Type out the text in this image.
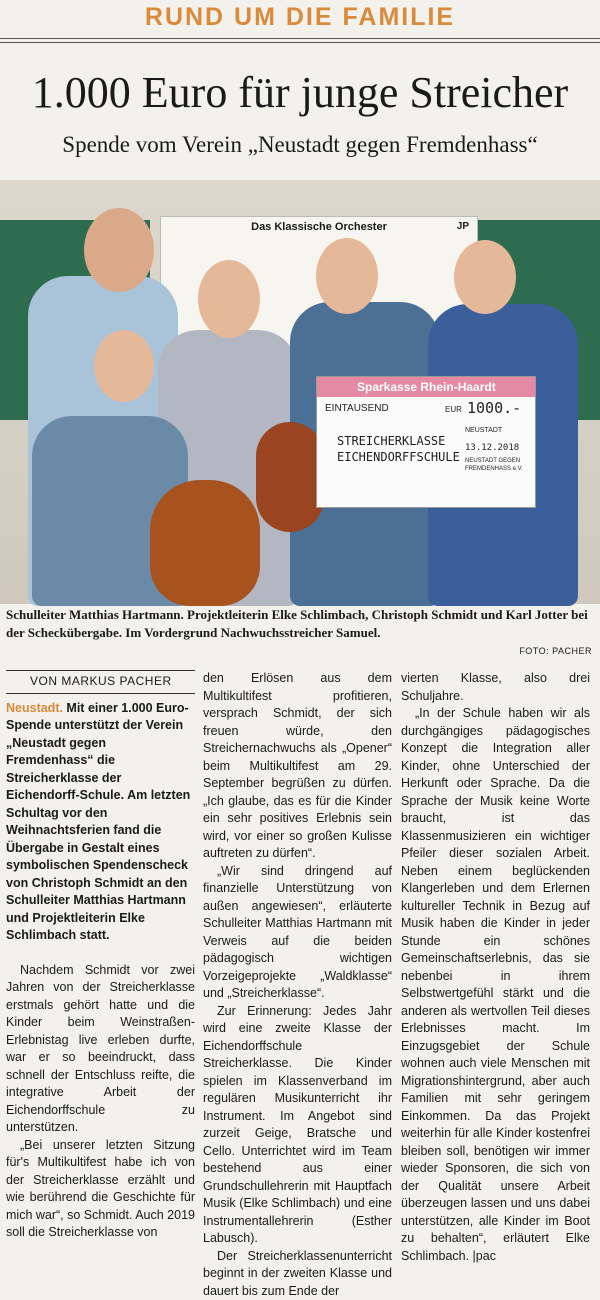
RUND UM DIE FAMILIE
1.000 Euro für junge Streicher
Spende vom Verein „Neustadt gegen Fremdenhass“
Das Klassische Orchester	JP
Sparkasse Rhein-Haardt
EINTAUSEND	EUR 1000.-
STREICHERKLASSE
EICHENDORFFSCHULE
NEUSTADT
13.12.2018
NEUSTADT GEGEN
FREMDENHASS e.V.
Schulleiter Matthias Hartmann. Projektleiterin Elke Schlimbach, Christoph Schmidt und Karl Jotter bei der Scheckübergabe. Im Vordergrund Nachwuchsstreicher Samuel.
FOTO: PACHER
VON MARKUS PACHER

Neustadt. Mit einer 1.000 Euro-Spende unterstützt der Verein „Neustadt gegen Fremdenhass“ die Streicherklasse der Eichendorff-Schule. Am letzten Schultag vor den Weihnachtsferien fand die Übergabe in Gestalt eines symbolischen Spendenscheck von Christoph Schmidt an den Schulleiter Matthias Hartmann und Projektleiterin Elke Schlimbach statt.

Nachdem Schmidt vor zwei Jahren von der Streicherklasse erstmals gehört hatte und die Kinder beim Weinstraßen-Erlebnistag live erleben durfte, war er so beeindruckt, dass schnell der Entschluss reifte, die integrative Arbeit der Eichendorffschule zu unterstützen.

„Bei unserer letzten Sitzung für's Multikultifest habe ich von der Streicherklasse erzählt und wie berührend die Geschichte für mich war“, so Schmidt. Auch 2019 soll die Streicherklasse von

den Erlösen aus dem Multikultifest profitieren, versprach Schmidt, der sich freuen würde, den Streichernachwuchs als „Opener“ beim Multikultifest am 29. September begrüßen zu dürfen. „Ich glaube, das es für die Kinder ein sehr positives Erlebnis sein wird, vor einer so großen Kulisse auftreten zu dürfen“.

„Wir sind dringend auf finanzielle Unterstützung von außen angewiesen“, erläuterte Schulleiter Matthias Hartmann mit Verweis auf die beiden pädagogisch wichtigen Vorzeigeprojekte „Waldklasse“ und „Streicherklasse“.

Zur Erinnerung: Jedes Jahr wird eine zweite Klasse der Eichendorffschule Streicherklasse. Die Kinder spielen im Klassenverband im regulären Musikunterricht ihr Instrument. Im Angebot sind zurzeit Geige, Bratsche und Cello. Unterrichtet wird im Team bestehend aus einer Grundschullehrerin mit Hauptfach Musik (Elke Schlimbach) und eine Instrumentallehrerin (Esther Labusch).

Der Streicherklassenunterricht beginnt in der zweiten Klasse und dauert bis zum Ende der

vierten Klasse, also drei Schuljahre.

„In der Schule haben wir als durchgängiges pädagogisches Konzept die Integration aller Kinder, ohne Unterschied der Herkunft oder Sprache. Da die Sprache der Musik keine Worte braucht, ist das Klassenmusizieren ein wichtiger Pfeiler dieser sozialen Arbeit. Neben einem beglückenden Klangerleben und dem Erlernen kultureller Technik in Bezug auf Musik haben die Kinder in jeder Stunde ein schönes Gemeinschaftserlebnis, das sie nebenbei in ihrem Selbstwertgefühl stärkt und die anderen als wertvollen Teil dieses Erlebnisses macht. Im Einzugsgebiet der Schule wohnen auch viele Menschen mit Migrationshintergrund, aber auch Familien mit sehr geringem Einkommen. Da das Projekt weiterhin für alle Kinder kostenfrei bleiben soll, benötigen wir immer wieder Sponsoren, die sich von der Qualität unsere Arbeit überzeugen lassen und uns dabei unterstützen, alle Kinder im Boot zu behalten“, erläutert Elke Schlimbach. |pac
